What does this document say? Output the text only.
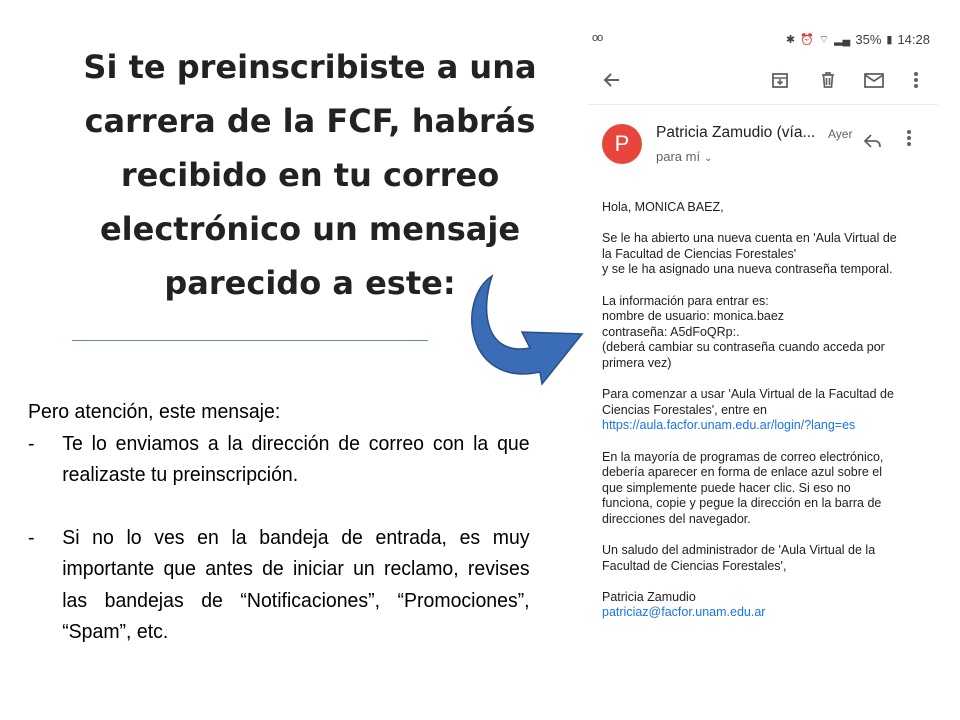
Si te preinscribiste a una carrera de la FCF, habrás recibido en tu correo electrónico un mensaje parecido a este:

Pero atención, este mensaje:

- Te lo enviamos a la dirección de correo con la que realizaste tu preinscripción.
- Si no lo ves en la bandeja de entrada, es muy importante que antes de iniciar un reclamo, revises las bandejas de “Notificaciones”, “Promociones”, “Spam”, etc.
oo	✱ ⏰ ⌔ ▂▄ 35% ▮ 14:28
P	Patricia Zamudio (vía... Ayer
para mí ⌄

Hola, MONICA BAEZ,

Se le ha abierto una nueva cuenta en 'Aula Virtual de
la Facultad de Ciencias Forestales'
y se le ha asignado una nueva contraseña temporal.

La información para entrar es:
nombre de usuario: monica.baez
contraseña: A5dFoQRp:.
(deberá cambiar su contraseña cuando acceda por
primera vez)

Para comenzar a usar 'Aula Virtual de la Facultad de
Ciencias Forestales', entre en
https://aula.facfor.unam.edu.ar/login/?lang=es

En la mayoría de programas de correo electrónico,
debería aparecer en forma de enlace azul sobre el
que simplemente puede hacer clic. Si eso no
funciona, copie y pegue la dirección en la barra de
direcciones del navegador.

Un saludo del administrador de 'Aula Virtual de la
Facultad de Ciencias Forestales',

Patricia Zamudio
patriciaz@facfor.unam.edu.ar
